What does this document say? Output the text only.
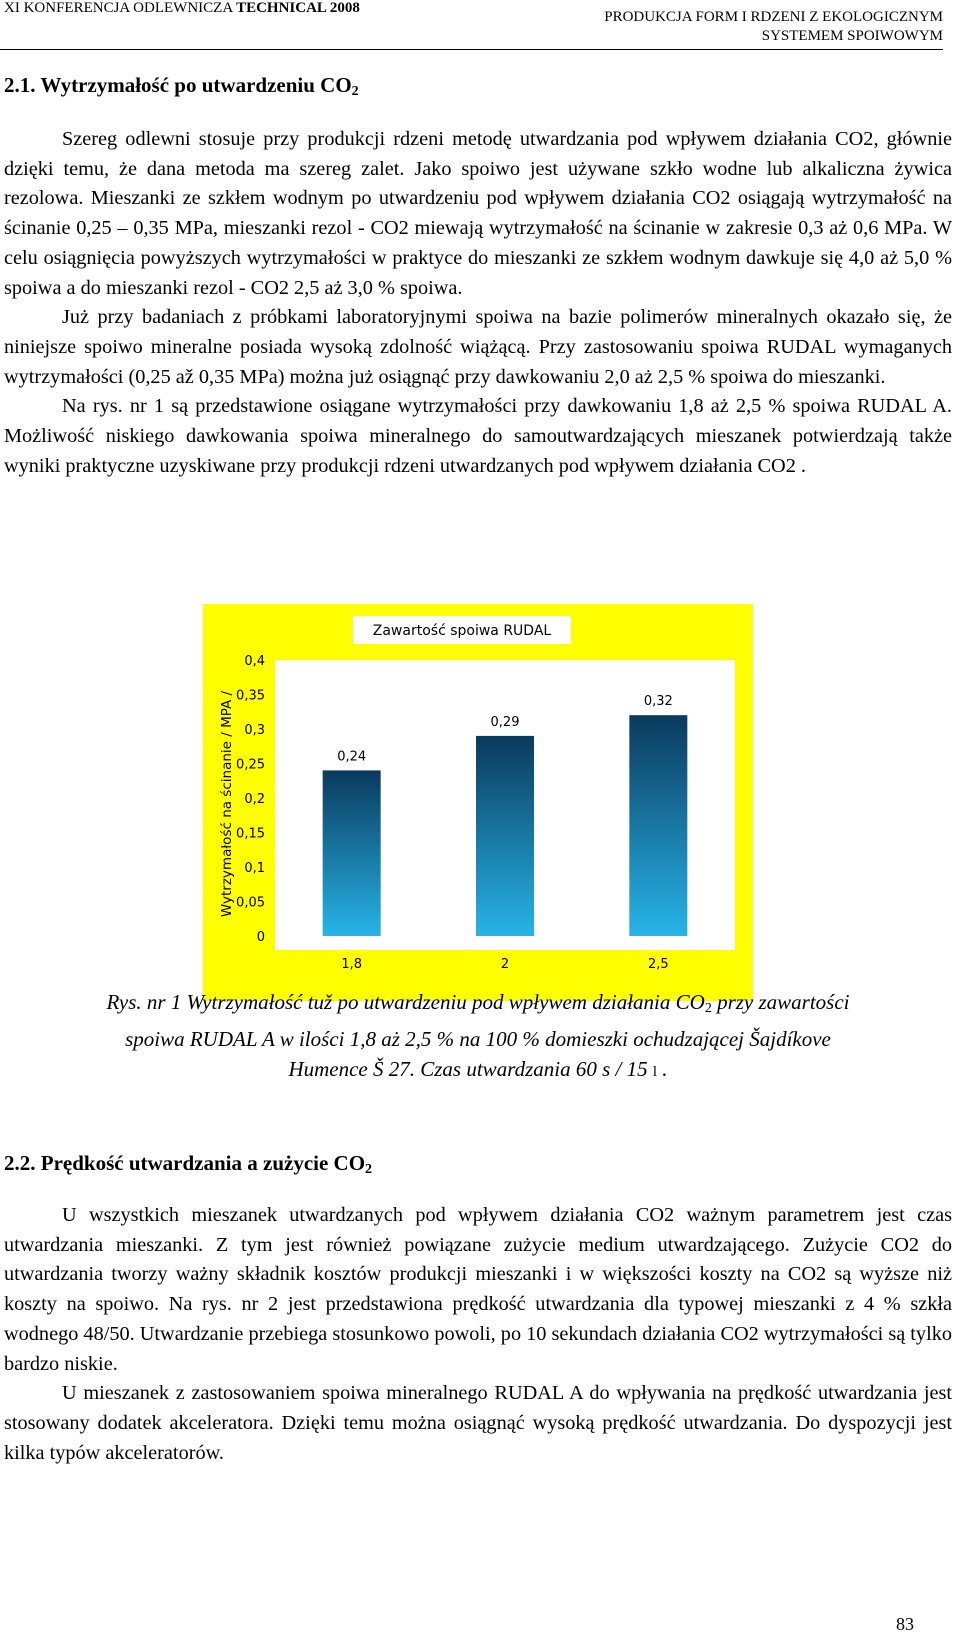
XI KONFERENCJA ODLEWNICZA TECHNICAL 2008
PRODUKCJA FORM I RDZENI Z EKOLOGICZNYM
SYSTEMEM SPOIWOWYM
2.1. Wytrzymałość po utwardzeniu $CO_2$

Szereg odlewni stosuje przy produkcji rdzeni metodę utwardzania pod wpływem działania CO2, głównie dzięki temu, że dana metoda ma szereg zalet. Jako spoiwo jest używane szkło wodne lub alkaliczna żywica rezolowa. Mieszanki ze szkłem wodnym po utwardzeniu pod wpływem działania CO2 osiągają wytrzymałość na ścinanie 0,25 – 0,35 MPa, mieszanki rezol - CO2 miewają wytrzymałość na ścinanie w zakresie 0,3 aż 0,6 MPa. W celu osiągnięcia powyższych wytrzymałości w praktyce do mieszanki ze szkłem wodnym dawkuje się 4,0 aż 5,0 % spoiwa a do mieszanki rezol - CO2 2,5 aż 3,0 % spoiwa.

Już przy badaniach z próbkami laboratoryjnymi spoiwa na bazie polimerów mineralnych okazało się, że niniejsze spoiwo mineralne posiada wysoką zdolność wiążącą. Przy zastosowaniu spoiwa RUDAL wymaganych wytrzymałości (0,25 až 0,35 MPa) można już osiągnąć przy dawkowaniu 2,0 aż 2,5 % spoiwa do mieszanki.

Na rys. nr 1 są przedstawione osiągane wytrzymałości przy dawkowaniu 1,8 aż 2,5 % spoiwa RUDAL A. Możliwość niskiego dawkowania spoiwa mineralnego do samoutwardzających mieszanek potwierdzają także wyniki praktyczne uzyskiwane przy produkcji rdzeni utwardzanych pod wpływem działania CO2 .

Zawartość spoiwa RUDAL
Wytrzymałość na ścinanie / MPA /
0
0,05
0,1
0,15
0,2
0,25
0,3
0,35
0,4
0,24
1,8
0,29
2
0,32
2,5
Rys. nr 1 Wytrzymałość tuž po utwardzeniu pod wpływem działania $CO_2$ przy zawartości
spoiwa RUDAL A w ilości 1,8 aż 2,5 % na 100 % domieszki ochudzającej Šajdíkove
Humence Š 27. Czas utwardzania 60 s / 15 l .
2.2. Prędkość utwardzania a zużycie $CO_2$

U wszystkich mieszanek utwardzanych pod wpływem działania CO2 ważnym parametrem jest czas utwardzania mieszanki. Z tym jest również powiązane zużycie medium utwardzającego. Zużycie CO2 do utwardzania tworzy ważny składnik kosztów produkcji mieszanki i w większości koszty na CO2 są wyższe niż koszty na spoiwo. Na rys. nr 2 jest przedstawiona prędkość utwardzania dla typowej mieszanki z 4 % szkła wodnego 48/50. Utwardzanie przebiega stosunkowo powoli, po 10 sekundach działania CO2 wytrzymałości są tylko bardzo niskie.

U mieszanek z zastosowaniem spoiwa mineralnego RUDAL A do wpływania na prędkość utwardzania jest stosowany dodatek akceleratora. Dzięki temu można osiągnąć wysoką prędkość utwardzania. Do dyspozycji jest kilka typów akceleratorów.

83
